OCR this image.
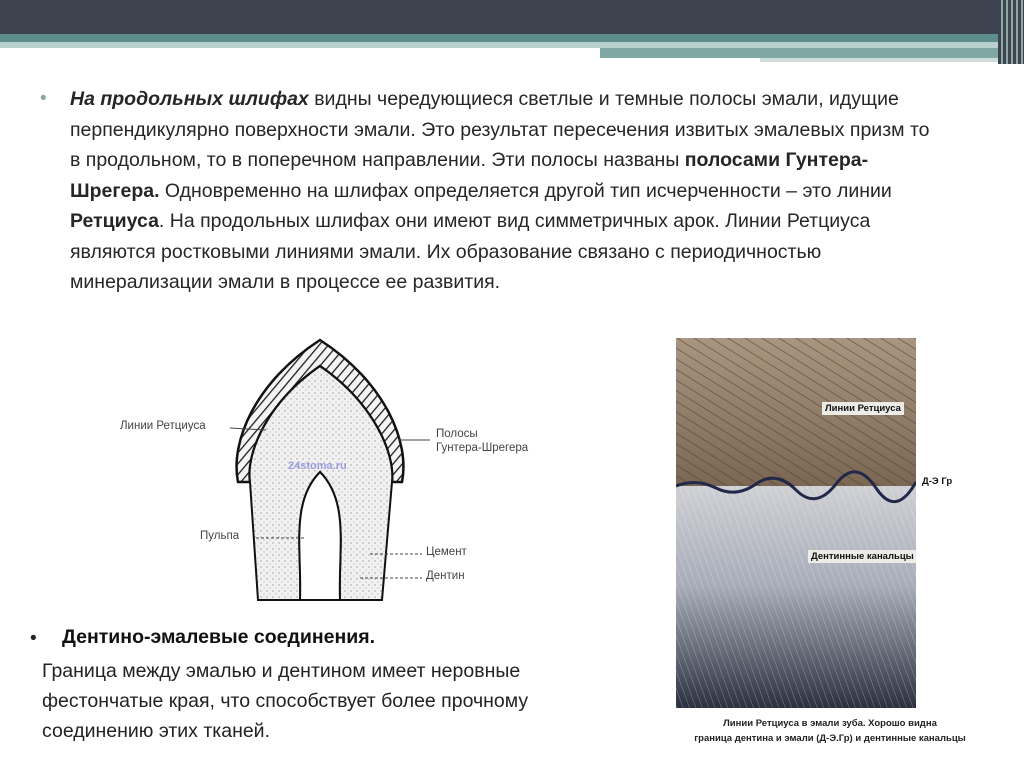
• На продольных шлифах видны чередующиеся светлые и темные полосы эмали, идущие перпендикулярно поверхности эмали. Это результат пересечения извитых эмалевых призм то в продольном, то в поперечном направлении. Эти полосы названы полосами Гунтера-Шрегера. Одновременно на шлифах определяется другой тип исчерченности – это линии Ретциуса. На продольных шлифах они имеют вид симметричных арок. Линии Ретциуса являются ростковыми линиями эмали. Их образование связано с периодичностью минерализации эмали в процессе ее развития.
Линии Ретциуса
Полосы
Гунтера-Шрегера
Пульпа
Цемент
Дентин
24stoma.ru
Линии Ретциуса
Дентинные канальцы
Д-Э Гр
Линии Ретциуса в эмали зуба. Хорошо видна
граница дентина и эмали (Д-Э.Гр) и дентинные канальцы
• Дентино-эмалевые соединения.
Граница между эмалью и дентином имеет неровные фестончатые края, что способствует более прочному соединению этих тканей.
